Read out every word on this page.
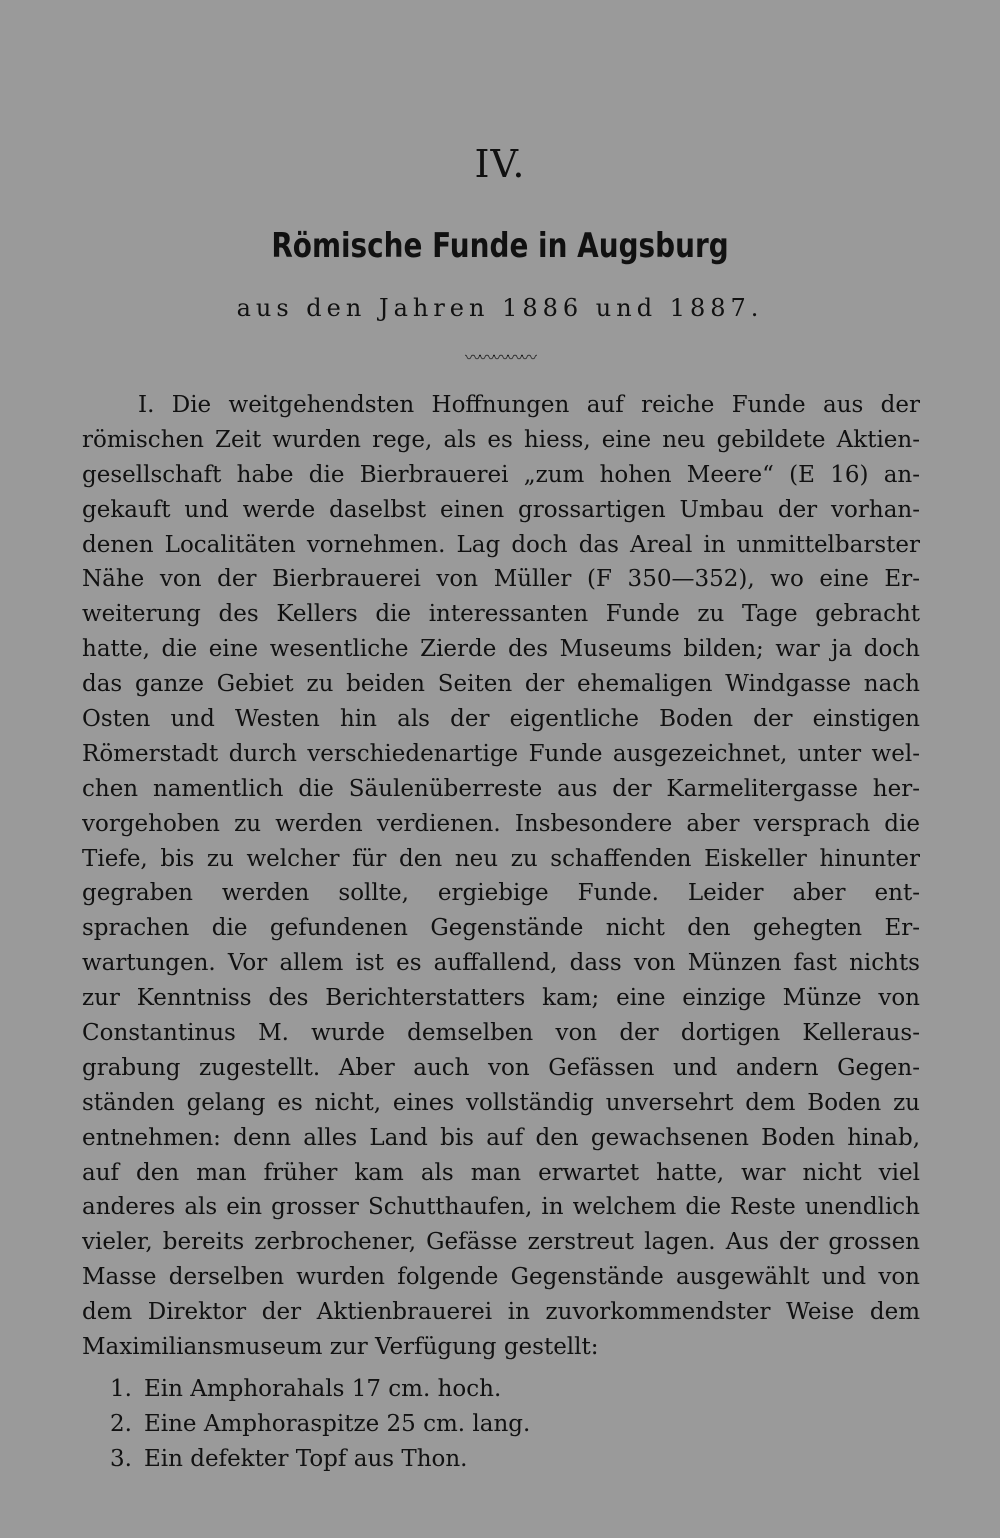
IV.
Römische Funde in Augsburg
aus den Jahren 1886 und 1887.
〰〰〰〰〰
I. Die weitgehendsten Hoffnungen auf reiche Funde aus der
römischen Zeit wurden rege, als es hiess, eine neu gebildete Aktien-
gesellschaft habe die Bierbrauerei „zum hohen Meere“ (E 16) an-
gekauft und werde daselbst einen grossartigen Umbau der vorhan-
denen Localitäten vornehmen. Lag doch das Areal in unmittelbarster
Nähe von der Bierbrauerei von Müller (F 350—352), wo eine Er-
weiterung des Kellers die interessanten Funde zu Tage gebracht
hatte, die eine wesentliche Zierde des Museums bilden; war ja doch
das ganze Gebiet zu beiden Seiten der ehemaligen Windgasse nach
Osten und Westen hin als der eigentliche Boden der einstigen
Römerstadt durch verschiedenartige Funde ausgezeichnet, unter wel-
chen namentlich die Säulenüberreste aus der Karmelitergasse her-
vorgehoben zu werden verdienen. Insbesondere aber versprach die
Tiefe, bis zu welcher für den neu zu schaffenden Eiskeller hinunter
gegraben werden sollte, ergiebige Funde. Leider aber ent-
sprachen die gefundenen Gegenstände nicht den gehegten Er-
wartungen. Vor allem ist es auffallend, dass von Münzen fast nichts
zur Kenntniss des Berichterstatters kam; eine einzige Münze von
Constantinus M. wurde demselben von der dortigen Kelleraus-
grabung zugestellt. Aber auch von Gefässen und andern Gegen-
ständen gelang es nicht, eines vollständig unversehrt dem Boden zu
entnehmen: denn alles Land bis auf den gewachsenen Boden hinab,
auf den man früher kam als man erwartet hatte, war nicht viel
anderes als ein grosser Schutthaufen, in welchem die Reste unendlich
vieler, bereits zerbrochener, Gefässe zerstreut lagen. Aus der grossen
Masse derselben wurden folgende Gegenstände ausgewählt und von
dem Direktor der Aktienbrauerei in zuvorkommendster Weise dem
Maximiliansmuseum zur Verfügung gestellt:
1. Ein Amphorahals 17 cm. hoch.
2. Eine Amphoraspitze 25 cm. lang.
3. Ein defekter Topf aus Thon.
